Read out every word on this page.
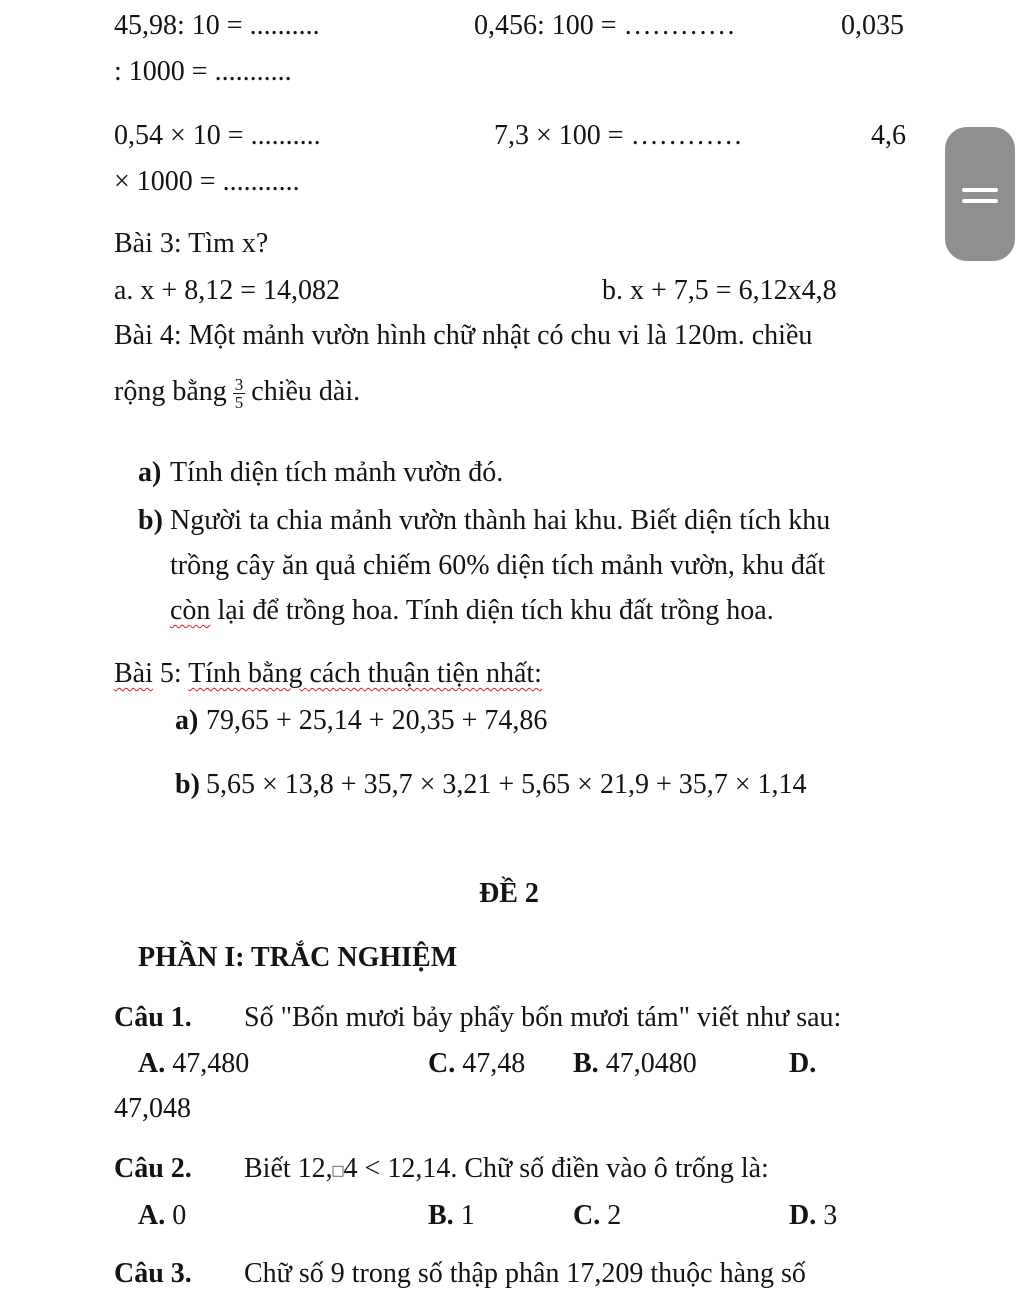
45,98: 10 = ..........	0,456: 100 = …………	0,035
: 1000 = ...........
0,54 × 10 = ..........	7,3 × 100 = …………	4,6
× 1000 = ...........
Bài 3: Tìm x?
a. x + 8,12 = 14,082	b. x + 7,5 = 6,12x4,8
Bài 4: Một mảnh vườn hình chữ nhật có chu vi là 120m. chiều
rộng bằng $\frac{3}{5}$ chiều dài.
a) Tính diện tích mảnh vườn đó.
b) Người ta chia mảnh vườn thành hai khu. Biết diện tích khu
trồng cây ăn quả chiếm 60% diện tích mảnh vườn, khu đất
còn lại để trồng hoa. Tính diện tích khu đất trồng hoa.
Bài 5: Tính bằng cách thuận tiện nhất:
a) 79,65 + 25,14 + 20,35 + 74,86
b) 5,65 × 13,8 + 35,7 × 3,21 + 5,65 × 21,9 + 35,7 × 1,14
ĐỀ 2
PHẦN I: TRẮC NGHIỆM
Câu 1. Số "Bốn mươi bảy phẩy bốn mươi tám" viết như sau:
A. 47,480	C. 47,48 B. 47,0480	D.
47,048
Câu 2. Biết 12,□4 < 12,14. Chữ số điền vào ô trống là:
A. 0	B. 1	C. 2	D. 3
Câu 3. Chữ số 9 trong số thập phân 17,209 thuộc hàng số
